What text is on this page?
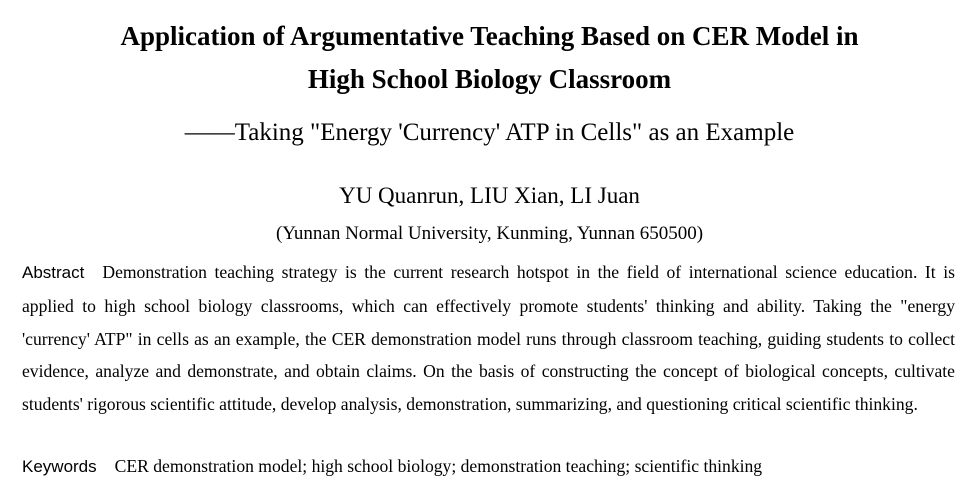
Application of Argumentative Teaching Based on CER Model in
High School Biology Classroom
——Taking "Energy 'Currency' ATP in Cells" as an Example
YU Quanrun, LIU Xian, LI Juan
(Yunnan Normal University, Kunming, Yunnan 650500)
Abstract Demonstration teaching strategy is the current research hotspot in the field of international science education. It is applied to high school biology classrooms, which can effectively promote students' thinking and ability. Taking the "energy 'currency' ATP" in cells as an example, the CER demonstration model runs through classroom teaching, guiding students to collect evidence, analyze and demonstrate, and obtain claims. On the basis of constructing the concept of biological concepts, cultivate students' rigorous scientific attitude, develop analysis, demonstration, summarizing, and questioning critical scientific thinking.
Keywords CER demonstration model; high school biology; demonstration teaching; scientific thinking
